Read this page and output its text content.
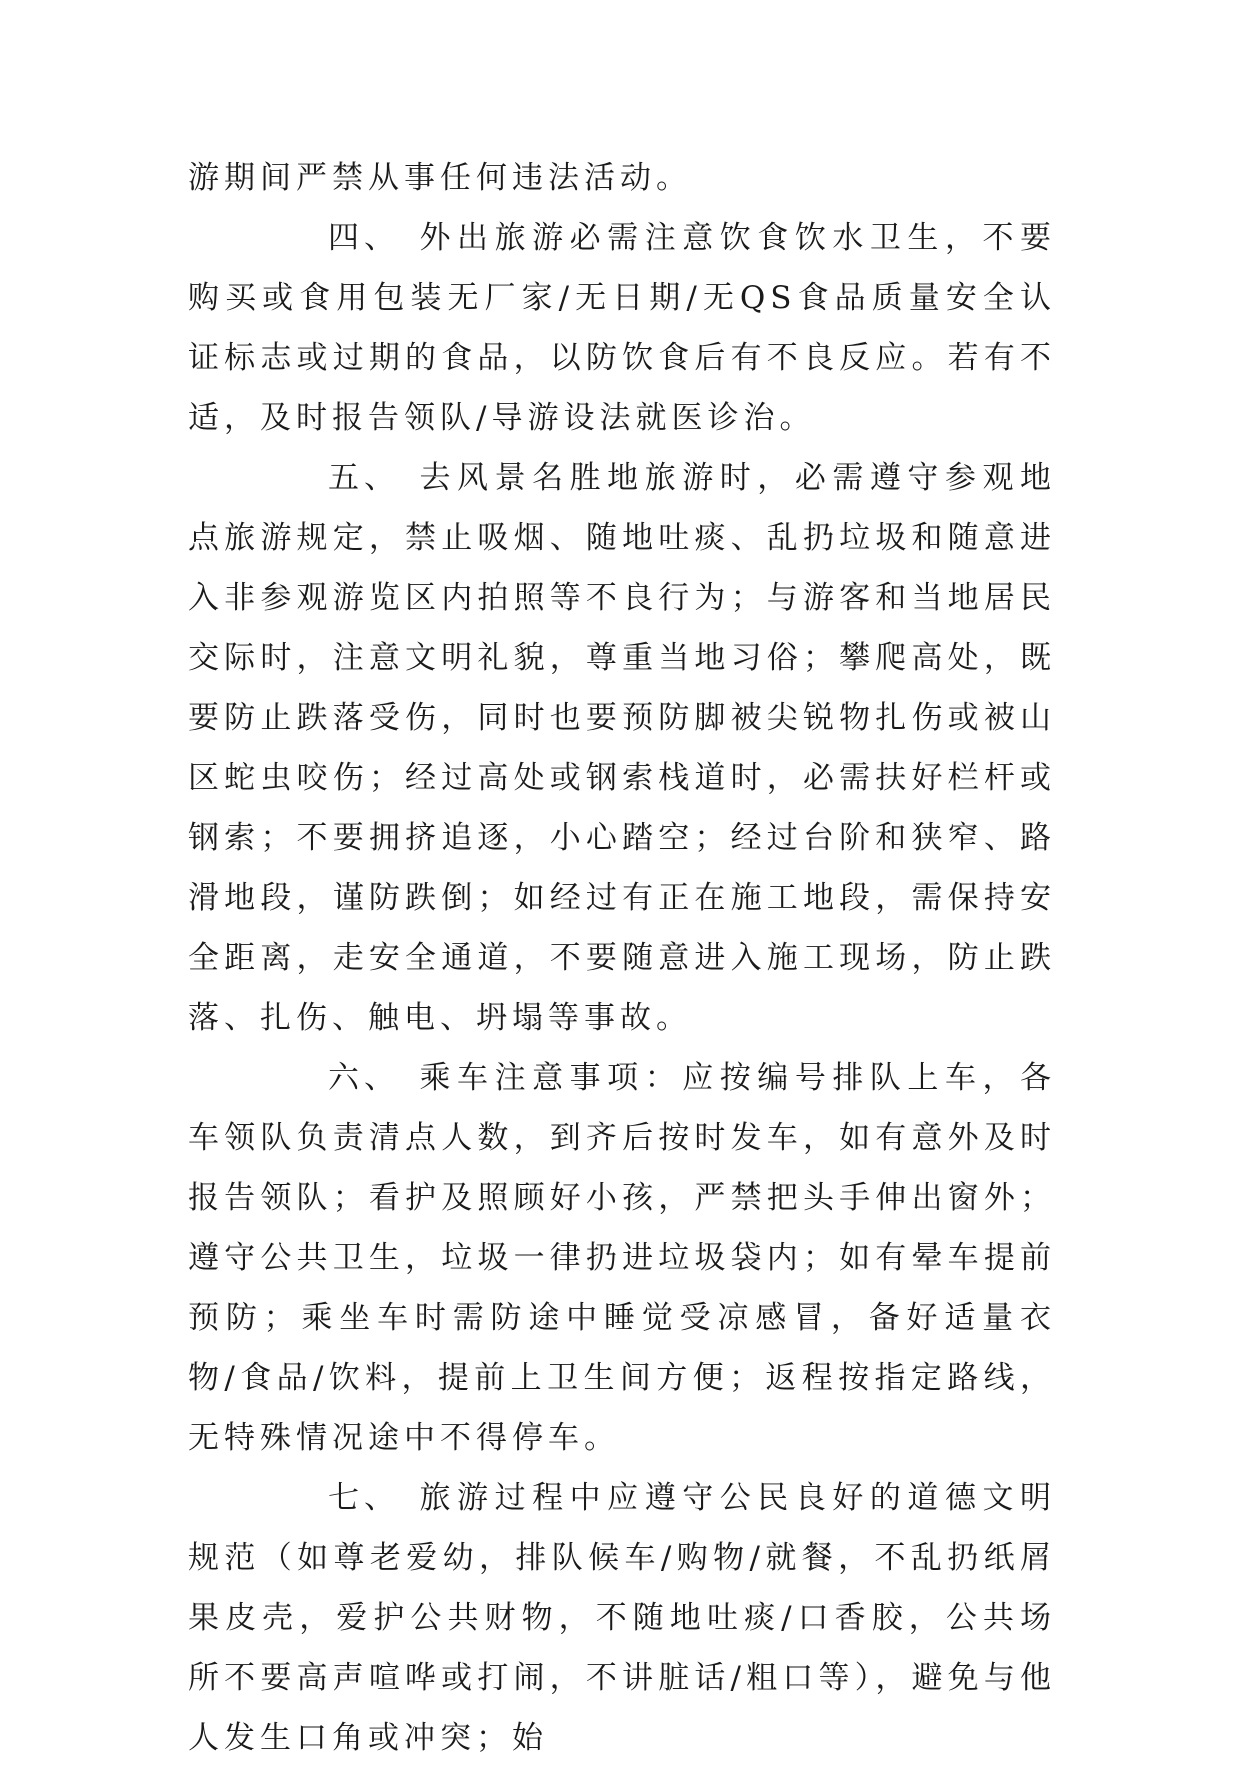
游期间严禁从事任何违法活动。

四、 外出旅游必需注意饮食饮水卫生，不要购买或食用包装无厂家/无日期/无QS食品质量安全认证标志或过期的食品，以防饮食后有不良反应。若有不适，及时报告领队/导游设法就医诊治。

五、 去风景名胜地旅游时，必需遵守参观地点旅游规定，禁止吸烟、随地吐痰、乱扔垃圾和随意进入非参观游览区内拍照等不良行为；与游客和当地居民交际时，注意文明礼貌，尊重当地习俗；攀爬高处，既要防止跌落受伤，同时也要预防脚被尖锐物扎伤或被山区蛇虫咬伤；经过高处或钢索栈道时，必需扶好栏杆或钢索；不要拥挤追逐，小心踏空；经过台阶和狭窄、路滑地段，谨防跌倒；如经过有正在施工地段，需保持安全距离，走安全通道，不要随意进入施工现场，防止跌落、扎伤、触电、坍塌等事故。

六、 乘车注意事项：应按编号排队上车，各车领队负责清点人数，到齐后按时发车，如有意外及时报告领队；看护及照顾好小孩，严禁把头手伸出窗外；遵守公共卫生，垃圾一律扔进垃圾袋内；如有晕车提前预防；乘坐车时需防途中睡觉受凉感冒，备好适量衣物/食品/饮料，提前上卫生间方便；返程按指定路线，无特殊情况途中不得停车。

七、 旅游过程中应遵守公民良好的道德文明规范（如尊老爱幼，排队候车/购物/就餐，不乱扔纸屑果皮壳，爱护公共财物，不随地吐痰/口香胶，公共场所不要高声喧哗或打闹，不讲脏话/粗口等），避免与他人发生口角或冲突；始
